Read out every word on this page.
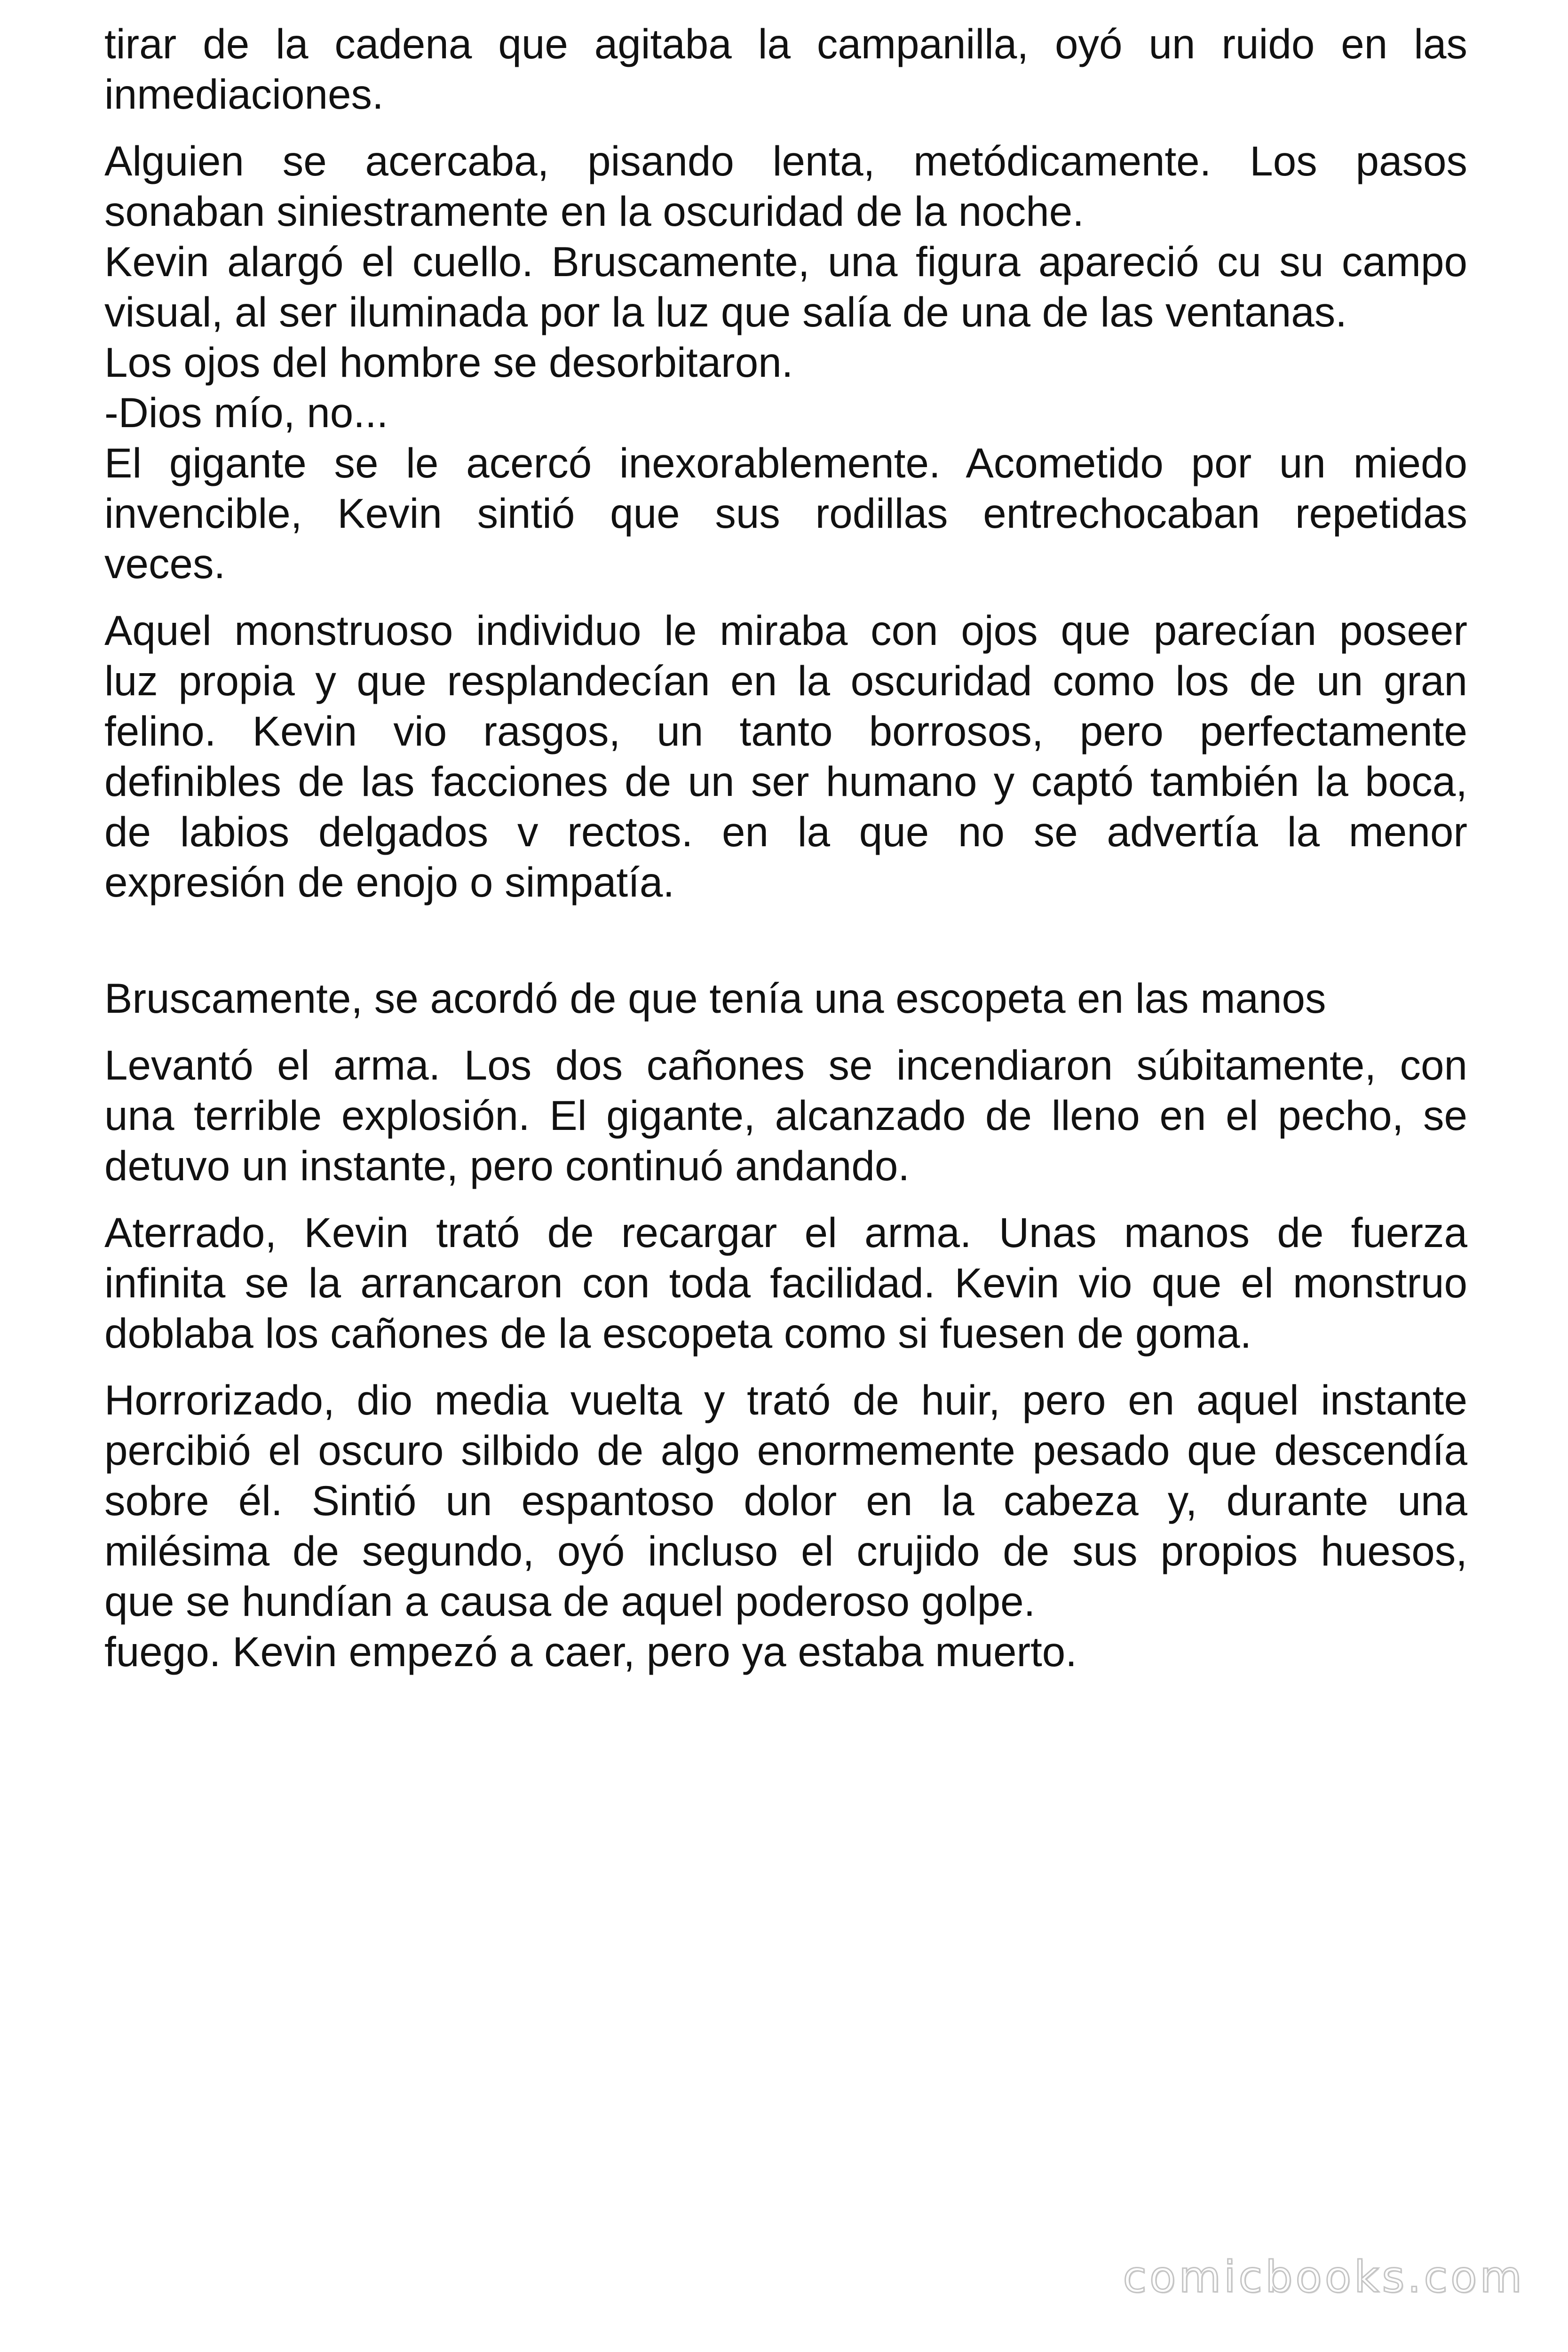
tirar de la cadena que agitaba la campanilla, oyó un ruido en las
inmediaciones.
Alguien se acercaba, pisando lenta, metódicamente. Los pasos
sonaban siniestramente en la oscuridad de la noche.
Kevin alargó el cuello. Bruscamente, una figura apareció cu su campo
visual, al ser iluminada por la luz que salía de una de las ventanas.
Los ojos del hombre se desorbitaron.
-Dios mío, no...
El gigante se le acercó inexorablemente. Acometido por un miedo
invencible, Kevin sintió que sus rodillas entrechocaban repetidas
veces.
Aquel monstruoso individuo le miraba con ojos que parecían poseer
luz propia y que resplandecían en la oscuridad como los de un gran
felino. Kevin vio rasgos, un tanto borrosos, pero perfectamente
definibles de las facciones de un ser humano y captó también la boca,
de labios delgados v rectos. en la que no se advertía la menor
expresión de enojo o simpatía.
Bruscamente, se acordó de que tenía una escopeta en las manos
Levantó el arma. Los dos cañones se incendiaron súbitamente, con
una terrible explosión. El gigante, alcanzado de lleno en el pecho, se
detuvo un instante, pero continuó andando.
Aterrado, Kevin trató de recargar el arma. Unas manos de fuerza
infinita se la arrancaron con toda facilidad. Kevin vio que el monstruo
doblaba los cañones de la escopeta como si fuesen de goma.
Horrorizado, dio media vuelta y trató de huir, pero en aquel instante
percibió el oscuro silbido de algo enormemente pesado que descendía
sobre él. Sintió un espantoso dolor en la cabeza y, durante una
milésima de segundo, oyó incluso el crujido de sus propios huesos,
que se hundían a causa de aquel poderoso golpe.
fuego. Kevin empezó a caer, pero ya estaba muerto.
comicbooks.com
